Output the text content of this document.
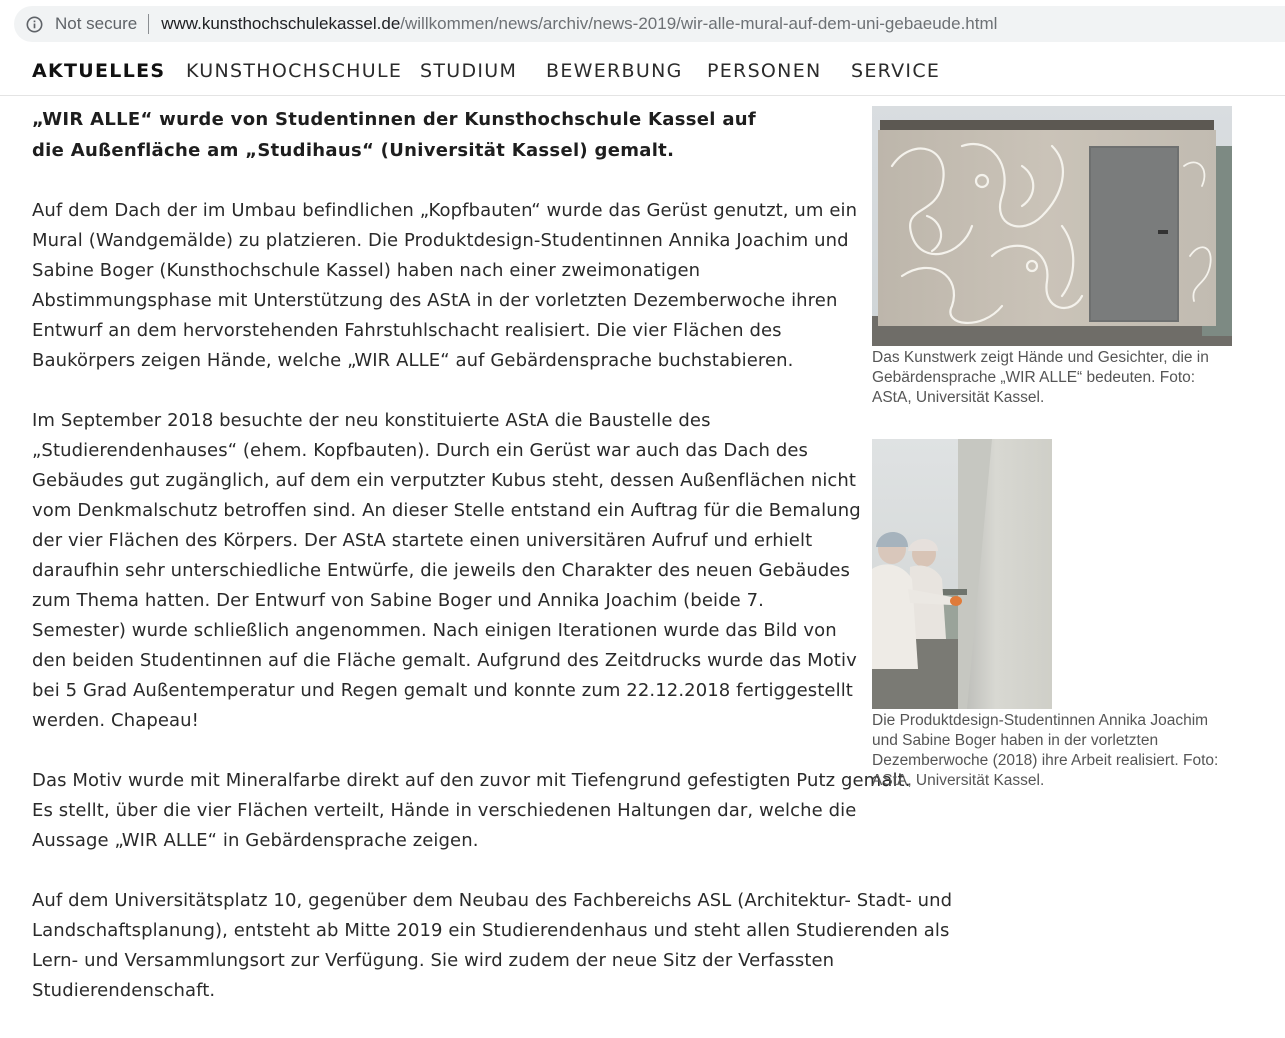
Not secure www.kunsthochschulekassel.de /willkommen/news/archiv/news-2019/wir-alle-mural-auf-dem-uni-gebaeude.html
AKTUELLES KUNSTHOCHSCHULE STUDIUM BEWERBUNG PERSONEN SERVICE

„WIR ALLE“ wurde von Studentinnen der Kunsthochschule Kassel auf die Außenfläche am „Studihaus“ (Universität Kassel) gemalt.

Auf dem Dach der im Umbau befindlichen „Kopfbauten“ wurde das Gerüst genutzt, um ein Mural (Wandgemälde) zu platzieren. Die Produktdesign-Studentinnen Annika Joachim und Sabine Boger (Kunsthochschule Kassel) haben nach einer zweimonatigen Abstimmungsphase mit Unterstützung des AStA in der vorletzten Dezemberwoche ihren Entwurf an dem hervorstehenden Fahrstuhlschacht realisiert. Die vier Flächen des Baukörpers zeigen Hände, welche „WIR ALLE“ auf Gebärdensprache buchstabieren.

Im September 2018 besuchte der neu konstituierte AStA die Baustelle des „Studierendenhauses“ (ehem. Kopfbauten). Durch ein Gerüst war auch das Dach des Gebäudes gut zugänglich, auf dem ein verputzter Kubus steht, dessen Außenflächen nicht vom Denkmalschutz betroffen sind. An dieser Stelle entstand ein Auftrag für die Bemalung der vier Flächen des Körpers. Der AStA startete einen universitären Aufruf und erhielt daraufhin sehr unterschiedliche Entwürfe, die jeweils den Charakter des neuen Gebäudes zum Thema hatten. Der Entwurf von Sabine Boger und Annika Joachim (beide 7. Semester) wurde schließlich angenommen. Nach einigen Iterationen wurde das Bild von den beiden Studentinnen auf die Fläche gemalt. Aufgrund des Zeitdrucks wurde das Motiv bei 5 Grad Außentemperatur und Regen gemalt und konnte zum 22.12.2018 fertiggestellt werden. Chapeau!

Das Motiv wurde mit Mineralfarbe direkt auf den zuvor mit Tiefengrund gefestigten Putz gemalt. Es stellt, über die vier Flächen verteilt, Hände in verschiedenen Haltungen dar, welche die Aussage „WIR ALLE“ in Gebärdensprache zeigen.

Auf dem Universitätsplatz 10, gegenüber dem Neubau des Fachbereichs ASL (Architektur- Stadt- und Landschaftsplanung), entsteht ab Mitte 2019 ein Studierendenhaus und steht allen Studierenden als Lern- und Versammlungsort zur Verfügung. Sie wird zudem der neue Sitz der Verfassten Studierendenschaft.

Das Kunstwerk zeigt Hände und Gesichter, die in Gebärdensprache „WIR ALLE“ bedeuten. Foto: AStA, Universität Kassel.
Die Produktdesign-Studentinnen Annika Joachim und Sabine Boger haben in der vorletzten Dezemberwoche (2018) ihre Arbeit realisiert. Foto: AStA, Universität Kassel.
